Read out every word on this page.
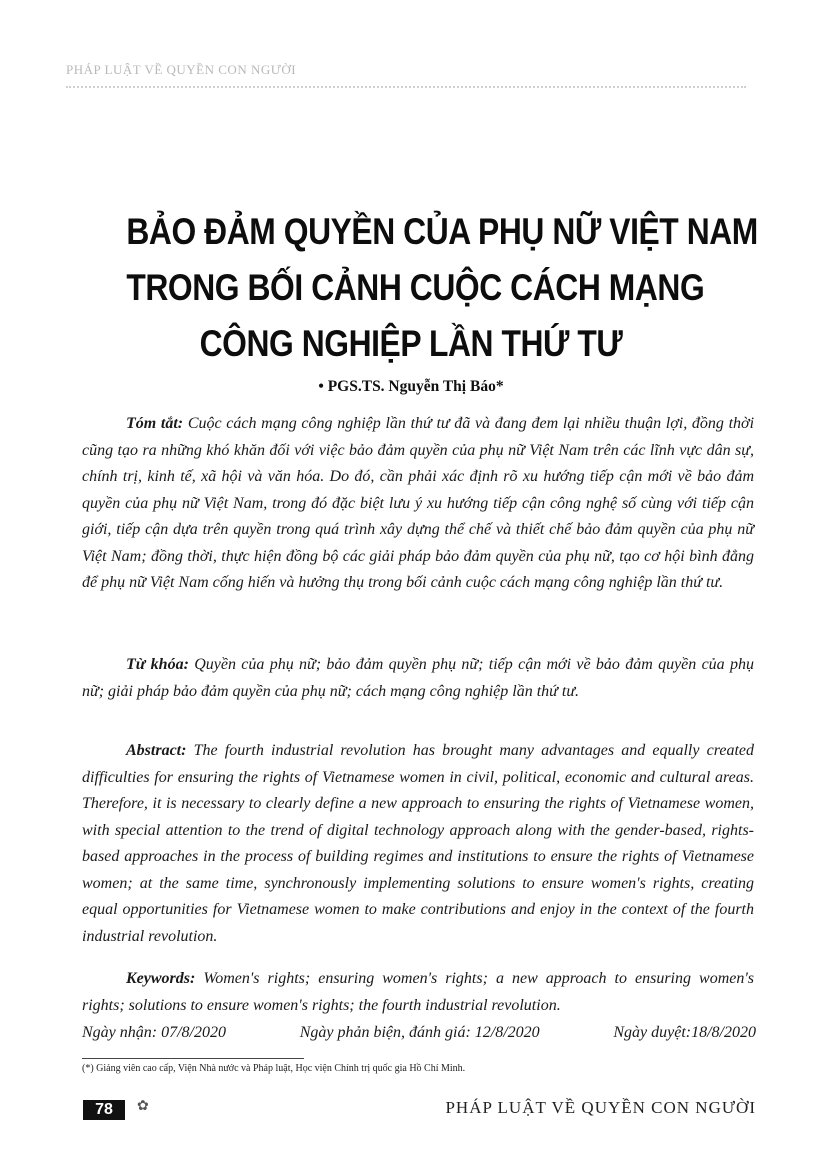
PHÁP LUẬT VỀ QUYỀN CON NGƯỜI
BẢO ĐẢM QUYỀN CỦA PHỤ NỮ VIỆT NAM
TRONG BỐI CẢNH CUỘC CÁCH MẠNG
CÔNG NGHIỆP LẦN THỨ TƯ
• PGS.TS. Nguyễn Thị Báo*
Tóm tắt: Cuộc cách mạng công nghiệp lần thứ tư đã và đang đem lại nhiều thuận lợi, đồng thời cũng tạo ra những khó khăn đối với việc bảo đảm quyền của phụ nữ Việt Nam trên các lĩnh vực dân sự, chính trị, kinh tế, xã hội và văn hóa. Do đó, cần phải xác định rõ xu hướng tiếp cận mới về bảo đảm quyền của phụ nữ Việt Nam, trong đó đặc biệt lưu ý xu hướng tiếp cận công nghệ số cùng với tiếp cận giới, tiếp cận dựa trên quyền trong quá trình xây dựng thể chế và thiết chế bảo đảm quyền của phụ nữ Việt Nam; đồng thời, thực hiện đồng bộ các giải pháp bảo đảm quyền của phụ nữ, tạo cơ hội bình đẳng để phụ nữ Việt Nam cống hiến và hưởng thụ trong bối cảnh cuộc cách mạng công nghiệp lần thứ tư.
Từ khóa: Quyền của phụ nữ; bảo đảm quyền phụ nữ; tiếp cận mới về bảo đảm quyền của phụ nữ; giải pháp bảo đảm quyền của phụ nữ; cách mạng công nghiệp lần thứ tư.
Abstract: The fourth industrial revolution has brought many advantages and equally created difficulties for ensuring the rights of Vietnamese women in civil, political, economic and cultural areas. Therefore, it is necessary to clearly define a new approach to ensuring the rights of Vietnamese women, with special attention to the trend of digital technology approach along with the gender-based, rights-based approaches in the process of building regimes and institutions to ensure the rights of Vietnamese women; at the same time, synchronously implementing solutions to ensure women's rights, creating equal opportunities for Vietnamese women to make contributions and enjoy in the context of the fourth industrial revolution.
Keywords: Women's rights; ensuring women's rights; a new approach to ensuring women's rights; solutions to ensure women's rights; the fourth industrial revolution.
Ngày nhận: 07/8/2020	Ngày phản biện, đánh giá: 12/8/2020	Ngày duyệt:18/8/2020
(*) Giảng viên cao cấp, Viện Nhà nước và Pháp luật, Học viện Chính trị quốc gia Hồ Chí Minh.
78	✿	PHÁP LUẬT VỀ QUYỀN CON NGƯỜI
